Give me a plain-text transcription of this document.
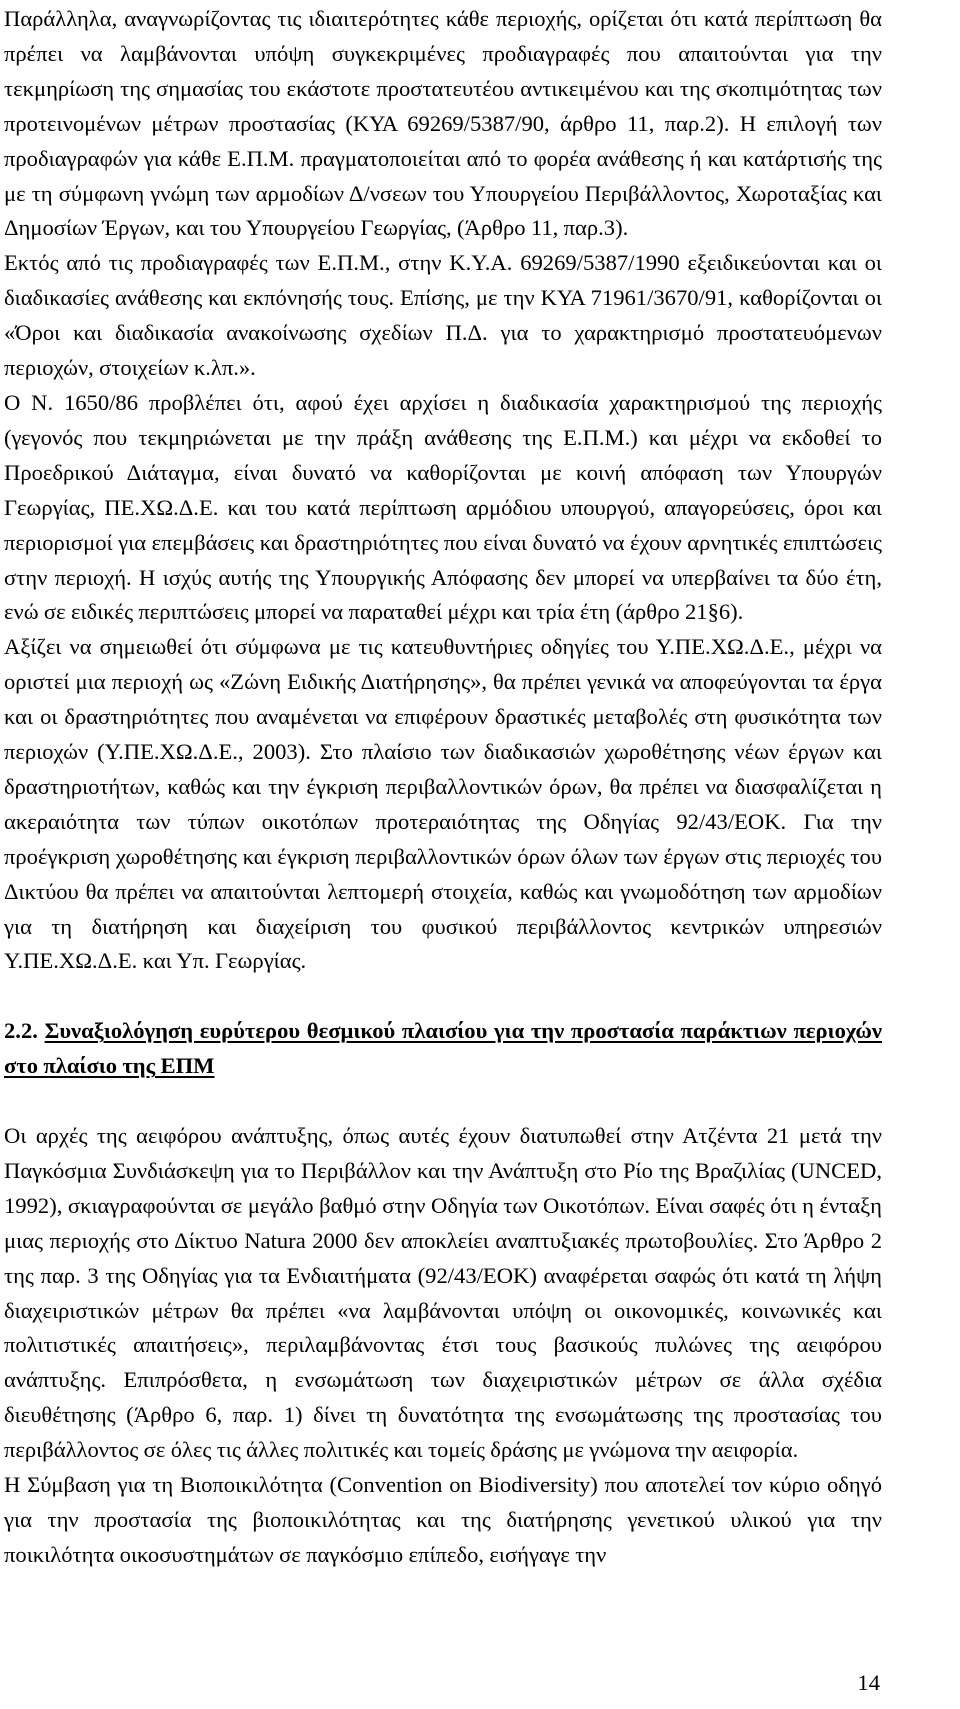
Παράλληλα, αναγνωρίζοντας τις ιδιαιτερότητες κάθε περιοχής, ορίζεται ότι κατά περίπτωση θα πρέπει να λαμβάνονται υπόψη συγκεκριμένες προδιαγραφές που απαιτούνται για την τεκμηρίωση της σημασίας του εκάστοτε προστατευτέου αντικειμένου και της σκοπιμότητας των προτεινομένων μέτρων προστασίας (ΚΥΑ 69269/5387/90, άρθρο 11, παρ.2). Η επιλογή των προδιαγραφών για κάθε Ε.Π.Μ. πραγματοποιείται από το φορέα ανάθεσης ή και κατάρτισής της με τη σύμφωνη γνώμη των αρμοδίων Δ/νσεων του Υπουργείου Περιβάλλοντος, Χωροταξίας και Δημοσίων Έργων, και του Υπουργείου Γεωργίας, (Άρθρο 11, παρ.3).

Εκτός από τις προδιαγραφές των Ε.Π.Μ., στην Κ.Υ.Α. 69269/5387/1990 εξειδικεύονται και οι διαδικασίες ανάθεσης και εκπόνησής τους. Επίσης, με την ΚΥΑ 71961/3670/91, καθορίζονται οι «Όροι και διαδικασία ανακοίνωσης σχεδίων Π.Δ. για το χαρακτηρισμό προστατευόμενων περιοχών, στοιχείων κ.λπ.».

Ο Ν. 1650/86 προβλέπει ότι, αφού έχει αρχίσει η διαδικασία χαρακτηρισμού της περιοχής (γεγονός που τεκμηριώνεται με την πράξη ανάθεσης της Ε.Π.Μ.) και μέχρι να εκδοθεί το Προεδρικού Διάταγμα, είναι δυνατό να καθορίζονται με κοινή απόφαση των Υπουργών Γεωργίας, ΠΕ.ΧΩ.Δ.Ε. και του κατά περίπτωση αρμόδιου υπουργού, απαγορεύσεις, όροι και περιορισμοί για επεμβάσεις και δραστηριότητες που είναι δυνατό να έχουν αρνητικές επιπτώσεις στην περιοχή. Η ισχύς αυτής της Υπουργικής Απόφασης δεν μπορεί να υπερβαίνει τα δύο έτη, ενώ σε ειδικές περιπτώσεις μπορεί να παραταθεί μέχρι και τρία έτη (άρθρο 21§6).

Αξίζει να σημειωθεί ότι σύμφωνα με τις κατευθυντήριες οδηγίες του Υ.ΠΕ.ΧΩ.Δ.Ε., μέχρι να οριστεί μια περιοχή ως «Ζώνη Ειδικής Διατήρησης», θα πρέπει γενικά να αποφεύγονται τα έργα και οι δραστηριότητες που αναμένεται να επιφέρουν δραστικές μεταβολές στη φυσικότητα των περιοχών (Υ.ΠΕ.ΧΩ.Δ.Ε., 2003). Στο πλαίσιο των διαδικασιών χωροθέτησης νέων έργων και δραστηριοτήτων, καθώς και την έγκριση περιβαλλοντικών όρων, θα πρέπει να διασφαλίζεται η ακεραιότητα των τύπων οικοτόπων προτεραιότητας της Οδηγίας 92/43/ΕΟΚ. Για την προέγκριση χωροθέτησης και έγκριση περιβαλλοντικών όρων όλων των έργων στις περιοχές του Δικτύου θα πρέπει να απαιτούνται λεπτομερή στοιχεία, καθώς και γνωμοδότηση των αρμοδίων για τη διατήρηση και διαχείριση του φυσικού περιβάλλοντος κεντρικών υπηρεσιών Υ.ΠΕ.ΧΩ.Δ.Ε. και Υπ. Γεωργίας.

2.2. Συναξιολόγηση ευρύτερου θεσμικού πλαισίου για την προστασία παράκτιων περιοχών στο πλαίσιο της ΕΠΜ

Οι αρχές της αειφόρου ανάπτυξης, όπως αυτές έχουν διατυπωθεί στην Ατζέντα 21 μετά την Παγκόσμια Συνδιάσκεψη για το Περιβάλλον και την Ανάπτυξη στο Ρίο της Βραζιλίας (UNCED, 1992), σκιαγραφούνται σε μεγάλο βαθμό στην Οδηγία των Οικοτόπων. Είναι σαφές ότι η ένταξη μιας περιοχής στο Δίκτυο Natura 2000 δεν αποκλείει αναπτυξιακές πρωτοβουλίες. Στο Άρθρο 2 της παρ. 3 της Οδηγίας για τα Ενδιαιτήματα (92/43/ΕΟΚ) αναφέρεται σαφώς ότι κατά τη λήψη διαχειριστικών μέτρων θα πρέπει «να λαμβάνονται υπόψη οι οικονομικές, κοινωνικές και πολιτιστικές απαιτήσεις», περιλαμβάνοντας έτσι τους βασικούς πυλώνες της αειφόρου ανάπτυξης. Επιπρόσθετα, η ενσωμάτωση των διαχειριστικών μέτρων σε άλλα σχέδια διευθέτησης (Άρθρο 6, παρ. 1) δίνει τη δυνατότητα της ενσωμάτωσης της προστασίας του περιβάλλοντος σε όλες τις άλλες πολιτικές και τομείς δράσης με γνώμονα την αειφορία.

Η Σύμβαση για τη Βιοποικιλότητα (Convention on Biodiversity) που αποτελεί τον κύριο οδηγό για την προστασία της βιοποικιλότητας και της διατήρησης γενετικού υλικού για την ποικιλότητα οικοσυστημάτων σε παγκόσμιο επίπεδο, εισήγαγε την

14
